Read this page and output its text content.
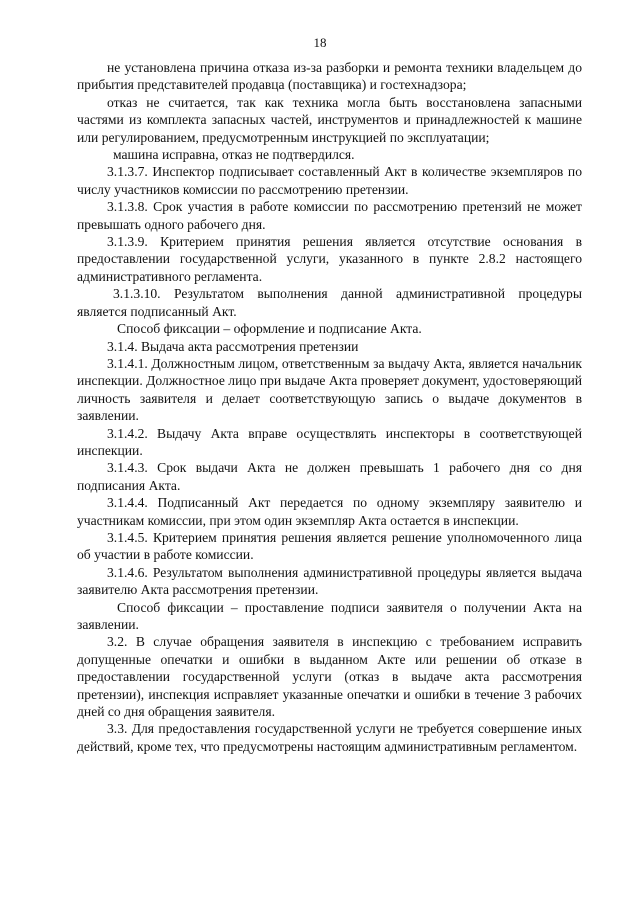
18

не установлена причина отказа из-за разборки и ремонта техники владельцем до прибытия представителей продавца (поставщика) и гостехнадзора;

отказ не считается, так как техника могла быть восстановлена запасными частями из комплекта запасных частей, инструментов и принадлежностей к машине или регулированием, предусмотренным инструкцией по эксплуатации;

машина исправна, отказ не подтвердился.

3.1.3.7. Инспектор подписывает составленный Акт в количестве экземпляров по числу участников комиссии по рассмотрению претензии.

3.1.3.8. Срок участия в работе комиссии по рассмотрению претензий не может превышать одного рабочего дня.

3.1.3.9. Критерием принятия решения является отсутствие основания в предоставлении государственной услуги, указанного в пункте 2.8.2 настоящего административного регламента.

3.1.3.10. Результатом выполнения данной административной процедуры является подписанный Акт.

Способ фиксации – оформление и подписание Акта.

3.1.4. Выдача акта рассмотрения претензии

3.1.4.1. Должностным лицом, ответственным за выдачу Акта, является начальник инспекции. Должностное лицо при выдаче Акта проверяет документ, удостоверяющий личность заявителя и делает соответствующую запись о выдаче документов в заявлении.

3.1.4.2. Выдачу Акта вправе осуществлять инспекторы в соответствующей инспекции.

3.1.4.3. Срок выдачи Акта не должен превышать 1 рабочего дня со дня подписания Акта.

3.1.4.4. Подписанный Акт передается по одному экземпляру заявителю и участникам комиссии, при этом один экземпляр Акта остается в инспекции.

3.1.4.5. Критерием принятия решения является решение уполномоченного лица об участии в работе комиссии.

3.1.4.6. Результатом выполнения административной процедуры является выдача заявителю Акта рассмотрения претензии.

Способ фиксации – проставление подписи заявителя о получении Акта на заявлении.

3.2. В случае обращения заявителя в инспекцию с требованием исправить допущенные опечатки и ошибки в выданном Акте или решении об отказе в предоставлении государственной услуги (отказ в выдаче акта рассмотрения претензии), инспекция исправляет указанные опечатки и ошибки в течение 3 рабочих дней со дня обращения заявителя.

3.3. Для предоставления государственной услуги не требуется совершение иных действий, кроме тех, что предусмотрены настоящим административным регламентом.
